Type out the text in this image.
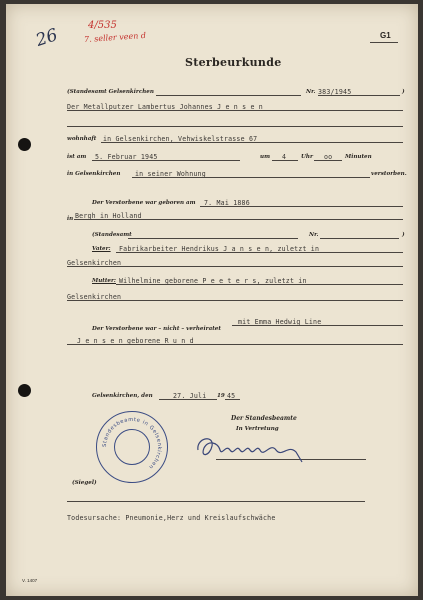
26	4/535
7. seller veen d	G1
Sterbeurkunde
(Standesamt Gelsenkirchen	Nr. 383/1945	)
Der Metallputzer Lambertus Johannes J e n s e n
wohnhaft in Gelsenkirchen, Vehwiskelstrasse 67
ist am 5. Februar 1945	um 4	Uhr oo Minuten
in Gelsenkirchen in seiner Wohnung	verstorben.
Der Verstorbene war geboren am 7. Mai 1886
in Bergh in Holland
(Standesamt	Nr.	)
Vater: Fabrikarbeiter Hendrikus J a n s e n, zuletzt in
Gelsenkirchen
Mutter: Wilhelmine geborene P e e t e r s, zuletzt in
Gelsenkirchen
Der Verstorbene war – nicht – verheiratet
mit Emma Hedwig Line
J e n s e n geborene R u n d
Gelsenkirchen, den	27. Juli 19 45
Der Standesbeamte
In Vertretung
Standesbeamte in Gelsenkirchen
(Siegel)
Todesursache: Pneumonie,Herz und Kreislaufschwäche
V. 1407
